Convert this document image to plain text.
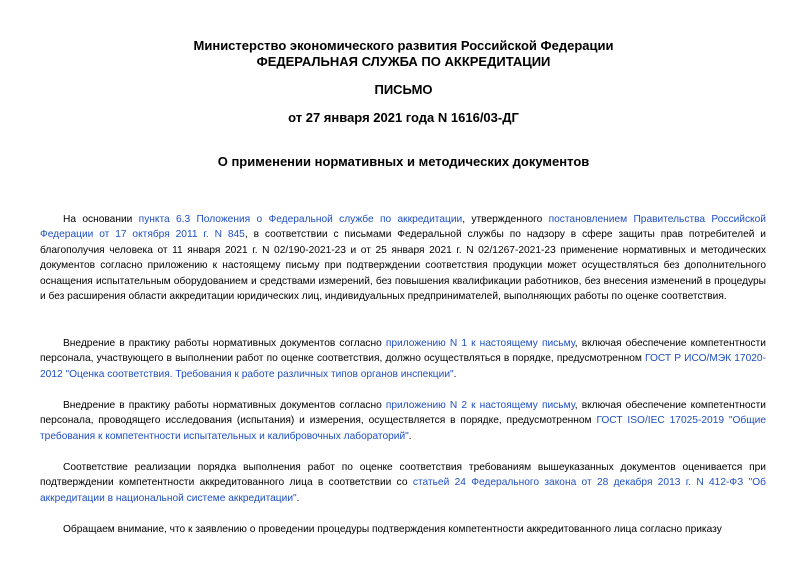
Министерство экономического развития Российской Федерации
ФЕДЕРАЛЬНАЯ СЛУЖБА ПО АККРЕДИТАЦИИ
ПИСЬМО
от 27 января 2021 года N 1616/03-ДГ
О применении нормативных и методических документов
На основании пункта 6.3 Положения о Федеральной службе по аккредитации, утвержденного постановлением Правительства Российской Федерации от 17 октября 2011 г. N 845, в соответствии с письмами Федеральной службы по надзору в сфере защиты прав потребителей и благополучия человека от 11 января 2021 г. N 02/190-2021-23 и от 25 января 2021 г. N 02/1267-2021-23 применение нормативных и методических документов согласно приложению к настоящему письму при подтверждении соответствия продукции может осуществляться без дополнительного оснащения испытательным оборудованием и средствами измерений, без повышения квалификации работников, без внесения изменений в процедуры и без расширения области аккредитации юридических лиц, индивидуальных предпринимателей, выполняющих работы по оценке соответствия.
Внедрение в практику работы нормативных документов согласно приложению N 1 к настоящему письму, включая обеспечение компетентности персонала, участвующего в выполнении работ по оценке соответствия, должно осуществляться в порядке, предусмотренном ГОСТ Р ИСО/МЭК 17020-2012 "Оценка соответствия. Требования к работе различных типов органов инспекции".
Внедрение в практику работы нормативных документов согласно приложению N 2 к настоящему письму, включая обеспечение компетентности персонала, проводящего исследования (испытания) и измерения, осуществляется в порядке, предусмотренном ГОСТ ISO/IEC 17025-2019 "Общие требования к компетентности испытательных и калибровочных лабораторий".
Соответствие реализации порядка выполнения работ по оценке соответствия требованиям вышеуказанных документов оценивается при подтверждении компетентности аккредитованного лица в соответствии со статьей 24 Федерального закона от 28 декабря 2013 г. N 412-ФЗ "Об аккредитации в национальной системе аккредитации".
Обращаем внимание, что к заявлению о проведении процедуры подтверждения компетентности аккредитованного лица согласно приказу
